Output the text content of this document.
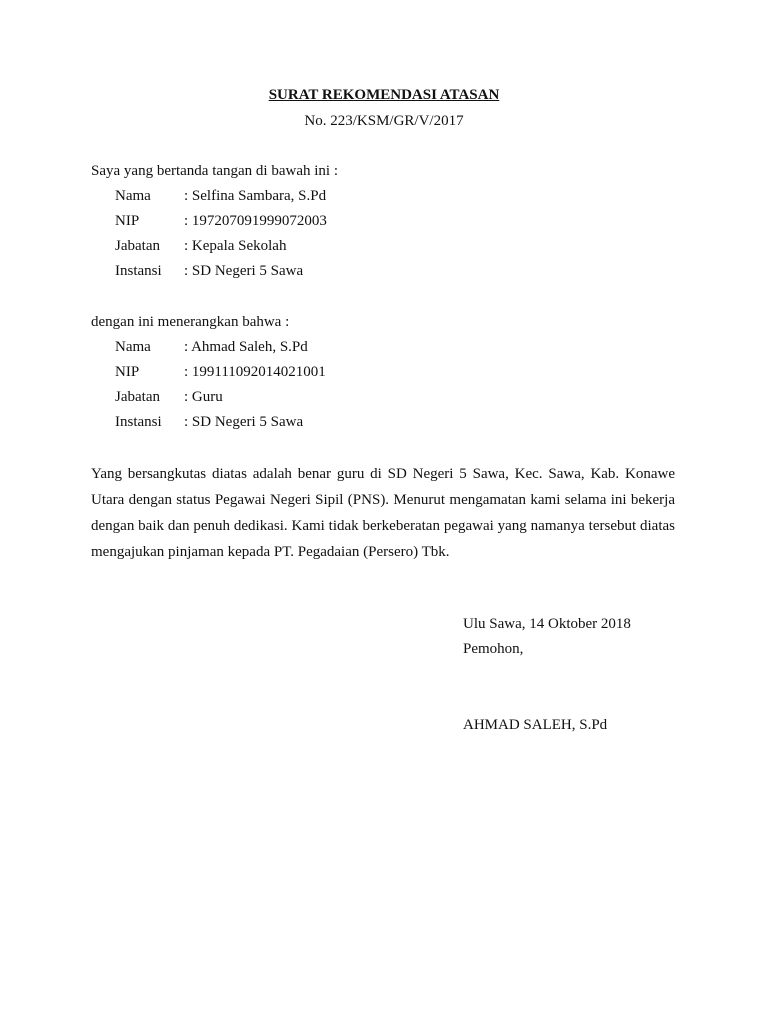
SURAT REKOMENDASI ATASAN
No. 223/KSM/GR/V/2017
Saya yang bertanda tangan di bawah ini :
Nama : Selfina Sambara, S.Pd
NIP	: 197207091999072003
Jabatan : Kepala Sekolah
Instansi : SD Negeri 5 Sawa
dengan ini menerangkan bahwa :
Nama : Ahmad Saleh, S.Pd
NIP	: 199111092014021001
Jabatan : Guru
Instansi : SD Negeri 5 Sawa
Yang bersangkutas diatas adalah benar guru di SD Negeri 5 Sawa, Kec. Sawa, Kab. Konawe Utara dengan status Pegawai Negeri Sipil (PNS). Menurut mengamatan kami selama ini bekerja dengan baik dan penuh dedikasi. Kami tidak berkeberatan pegawai yang namanya tersebut diatas mengajukan pinjaman kepada PT. Pegadaian (Persero) Tbk.
Ulu Sawa, 14 Oktober 2018
Pemohon,
AHMAD SALEH, S.Pd
